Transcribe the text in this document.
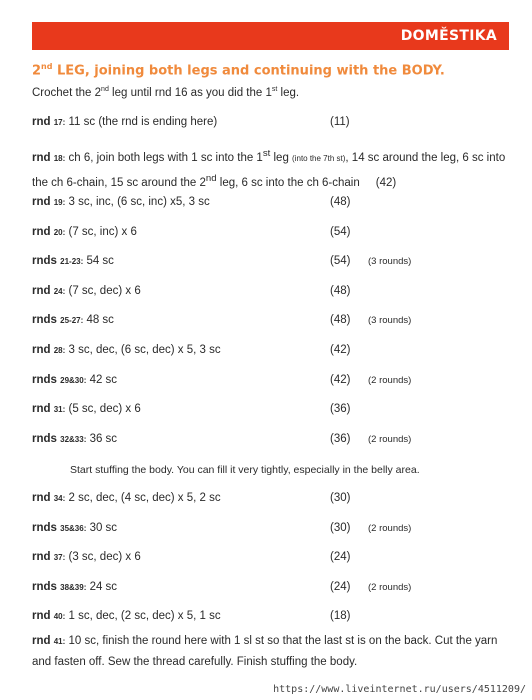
DOMĚSTIKA
2nd LEG, joining both legs and continuing with the BODY.
Crochet the 2nd leg until rnd 16 as you did the 1st leg.
rnd 17: 11 sc (the rnd is ending here)	(11)
rnd 18: ch 6, join both legs with 1 sc into the 1st leg (into the 7th st), 14 sc around the leg, 6 sc into the ch 6-chain, 15 sc around the 2nd leg, 6 sc into the ch 6-chain (42)
rnd 19: 3 sc, inc, (6 sc, inc) x5, 3 sc	(48)
rnd 20: (7 sc, inc) x 6	(54)
rnds 21-23: 54 sc	(54) (3 rounds)
rnd 24: (7 sc, dec) x 6	(48)
rnds 25-27: 48 sc	(48) (3 rounds)
rnd 28: 3 sc, dec, (6 sc, dec) x 5, 3 sc	(42)
rnds 29&30: 42 sc	(42) (2 rounds)
rnd 31: (5 sc, dec) x 6	(36)
rnds 32&33: 36 sc	(36) (2 rounds)
Start stuffing the body. You can fill it very tightly, especially in the belly area.
rnd 34: 2 sc, dec, (4 sc, dec) x 5, 2 sc	(30)
rnds 35&36: 30 sc	(30) (2 rounds)
rnd 37: (3 sc, dec) x 6	(24)
rnds 38&39: 24 sc	(24) (2 rounds)
rnd 40: 1 sc, dec, (2 sc, dec) x 5, 1 sc	(18)
rnd 41: 10 sc, finish the round here with 1 sl st so that the last st is on the back. Cut the yarn and fasten off. Sew the thread carefully. Finish stuffing the body.
https://www.liveinternet.ru/users/4511209/
